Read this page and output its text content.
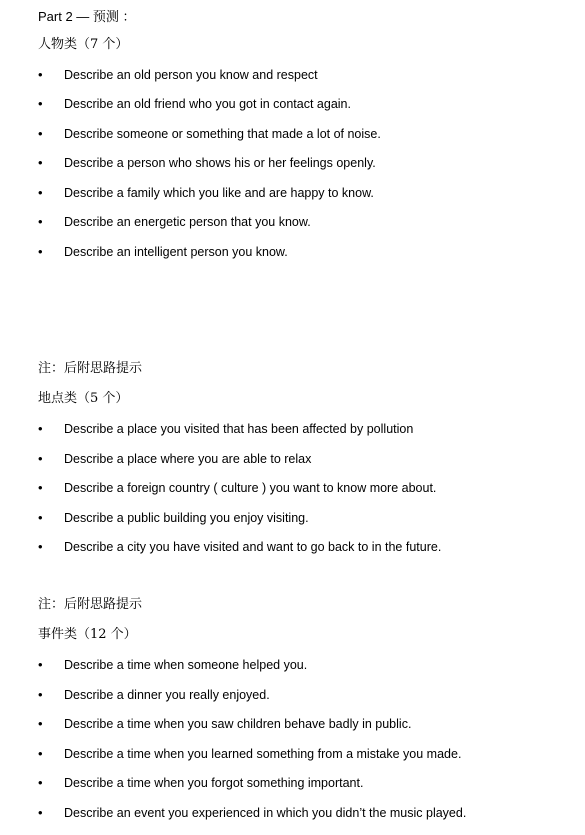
Part 2 — 预测 ：
人物类（7 个）
• Describe an old person you know and respect
• Describe an old friend who you got in contact again.
• Describe someone or something that made a lot of noise.
• Describe a person who shows his or her feelings openly.
• Describe a family which you like and are happy to know.
• Describe an energetic person that you know.
• Describe an intelligent person you know.
注：后附思路提示
地点类（5 个）
• Describe a place you visited that has been affected by pollution
• Describe a place where you are able to relax
• Describe a foreign country ( culture ) you want to know more about.
• Describe a public building you enjoy visiting.
• Describe a city you have visited and want to go back to in the future.
注：后附思路提示
事件类（12 个）
• Describe a time when someone helped you.
• Describe a dinner you really enjoyed.
• Describe a time when you saw children behave badly in public.
• Describe a time when you learned something from a mistake you made.
• Describe a time when you forgot something important.
• Describe an event you experienced in which you didn’t the music played.
